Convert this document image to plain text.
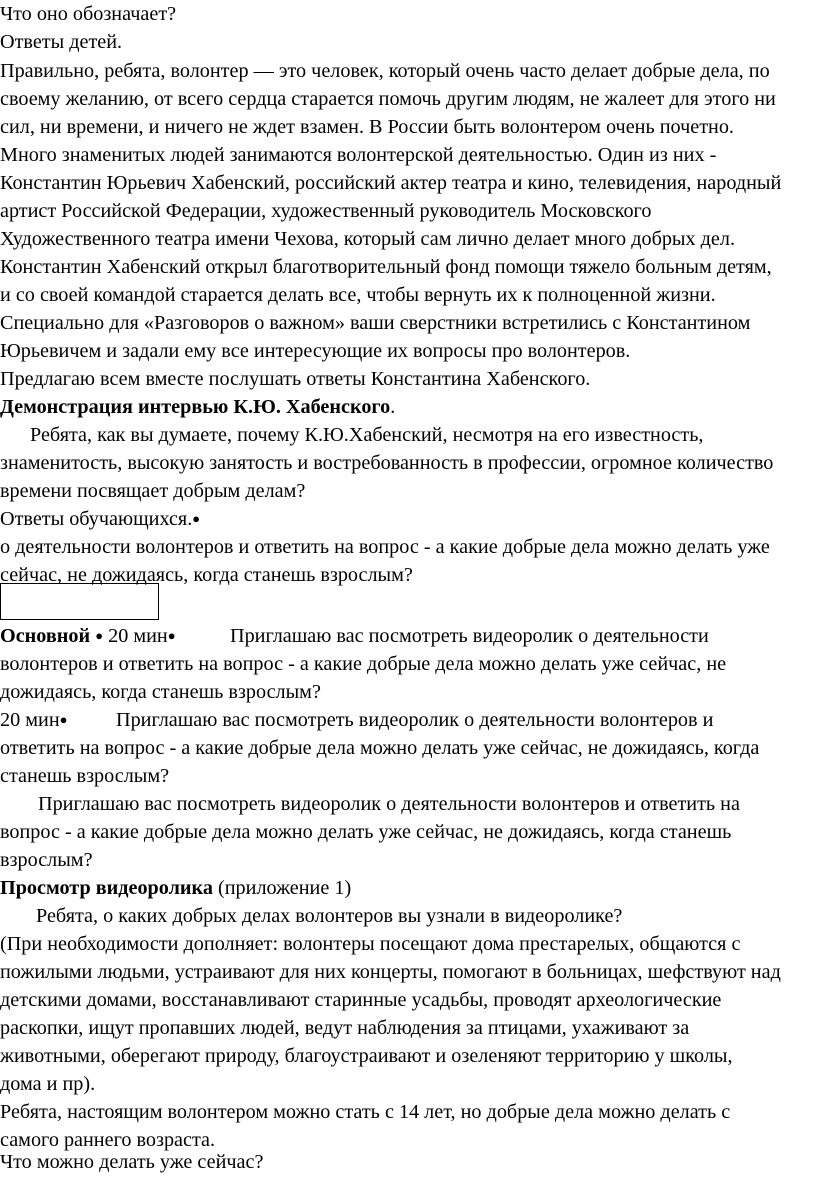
Что оно обозначает?
Ответы детей.
Правильно, ребята, волонтер — это человек, который очень часто делает добрые дела, по
своему желанию, от всего сердца старается помочь другим людям, не жалеет для этого ни
сил, ни времени, и ничего не ждет взамен. В России быть волонтером очень почетно.
Много знаменитых людей занимаются волонтерской деятельностью. Один из них -
Константин Юрьевич Хабенский, российский актер театра и кино, телевидения, народный
артист Российской Федерации, художественный руководитель Московского
Художественного театра имени Чехова, который сам лично делает много добрых дел.
Константин Хабенский открыл благотворительный фонд помощи тяжело больным детям,
и со своей командой старается делать все, чтобы вернуть их к полноценной жизни.
Специально для «Разговоров о важном» ваши сверстники встретились с Константином
Юрьевичем и задали ему все интересующие их вопросы про волонтеров.
Предлагаю всем вместе послушать ответы Константина Хабенского.
Демонстрация интервью К.Ю. Хабенского.
Ребята, как вы думаете, почему К.Ю.Хабенский, несмотря на его известность,
знаменитость, высокую занятость и востребованность в профессии, огромное количество
времени посвящает добрым делам?
Ответы обучающихся.●
о деятельности волонтеров и ответить на вопрос - а какие добрые дела можно делать уже
сейчас, не дожидаясь, когда станешь взрослым?
Основной ● 20 мин●	Приглашаю вас посмотреть видеоролик о деятельности
волонтеров и ответить на вопрос - а какие добрые дела можно делать уже сейчас, не
дожидаясь, когда станешь взрослым?
20 мин● Приглашаю вас посмотреть видеоролик о деятельности волонтеров и
ответить на вопрос - а какие добрые дела можно делать уже сейчас, не дожидаясь, когда
станешь взрослым?
Приглашаю вас посмотреть видеоролик о деятельности волонтеров и ответить на
вопрос - а какие добрые дела можно делать уже сейчас, не дожидаясь, когда станешь
взрослым?
Просмотр видеоролика (приложение 1)
Ребята, о каких добрых делах волонтеров вы узнали в видеоролике?
(При необходимости дополняет: волонтеры посещают дома престарелых, общаются с
пожилыми людьми, устраивают для них концерты, помогают в больницах, шефствуют над
детскими домами, восстанавливают старинные усадьбы, проводят археологические
раскопки, ищут пропавших людей, ведут наблюдения за птицами, ухаживают за
животными, оберегают природу, благоустраивают и озеленяют территорию у школы,
дома и пр).
Ребята, настоящим волонтером можно стать с 14 лет, но добрые дела можно делать с
самого раннего возраста.
Что можно делать уже сейчас?
